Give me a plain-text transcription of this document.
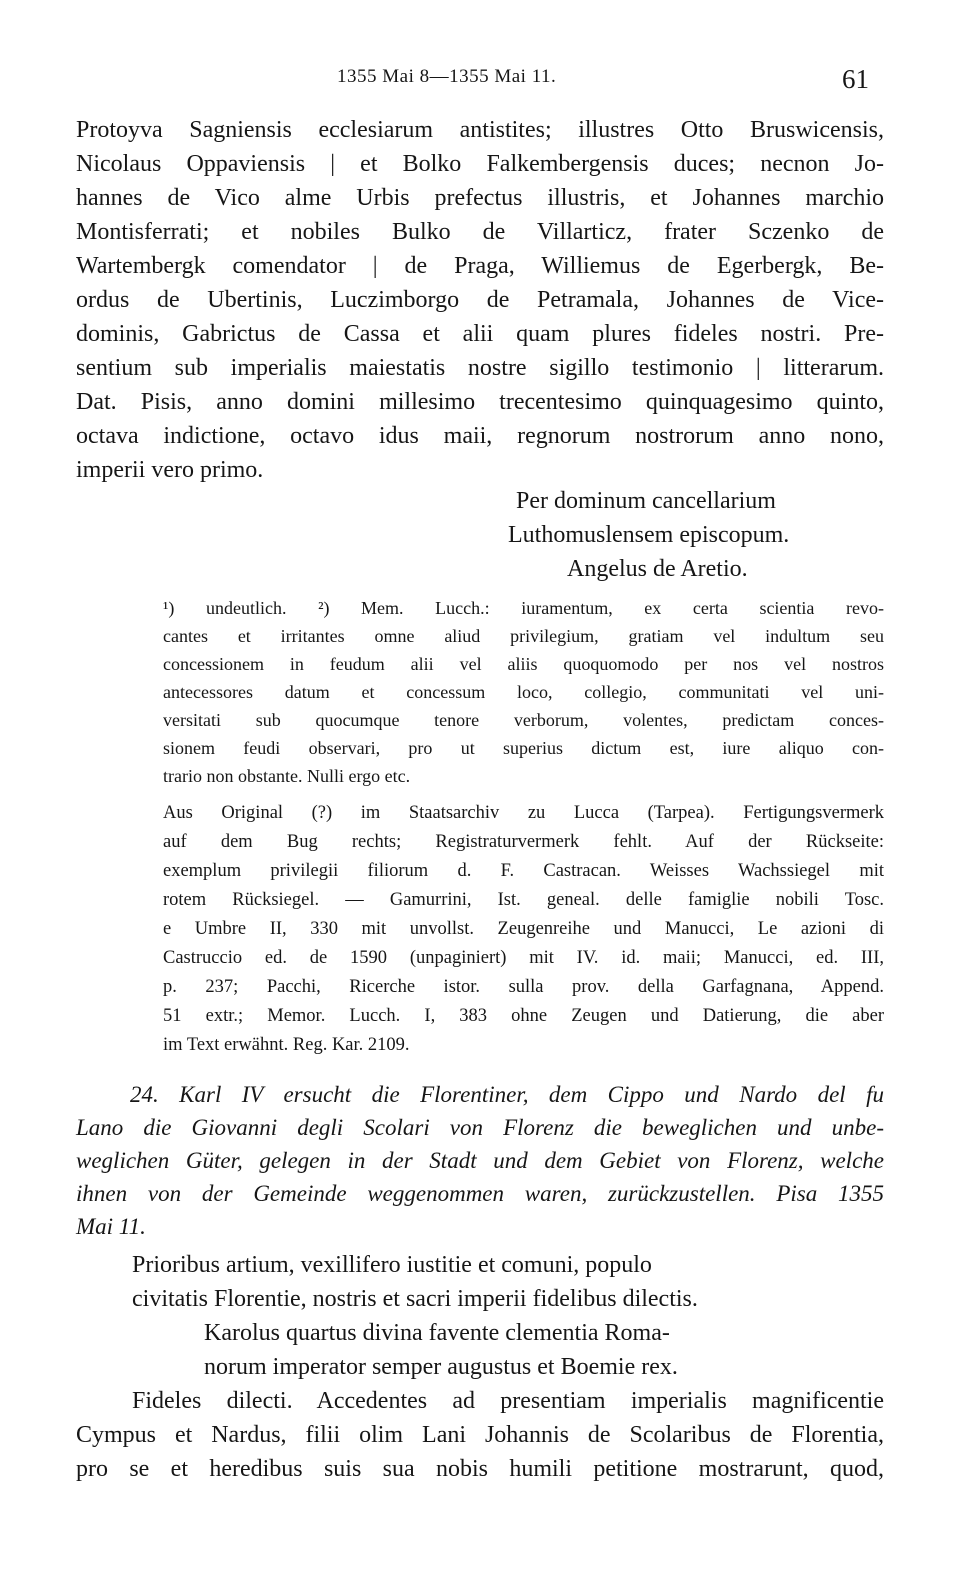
1355 Mai 8—1355 Mai 11.	61
Protoyva Sagniensis ecclesiarum antistites; illustres Otto Bruswicensis,
Nicolaus Oppaviensis | et Bolko Falkembergensis duces; necnon Jo-
hannes de Vico alme Urbis prefectus illustris, et Johannes marchio
Montisferrati; et nobiles Bulko de Villarticz, frater Sczenko de
Wartembergk comendator | de Praga, Williemus de Egerbergk, Be-
ordus de Ubertinis, Luczimborgo de Petramala, Johannes de Vice-
dominis, Gabrictus de Cassa et alii quam plures fideles nostri. Pre-
sentium sub imperialis maiestatis nostre sigillo testimonio | litterarum.
Dat. Pisis, anno domini millesimo trecentesimo quinquagesimo quinto,
octava indictione, octavo idus maii, regnorum nostrorum anno nono,
imperii vero primo.
Per dominum cancellarium
Luthomuslensem episcopum.
Angelus de Aretio.
¹) undeutlich. ²) Mem. Lucch.: iuramentum, ex certa scientia revo-
cantes et irritantes omne aliud privilegium, gratiam vel indultum seu
concessionem in feudum alii vel aliis quoquomodo per nos vel nostros
antecessores datum et concessum loco, collegio, communitati vel uni-
versitati sub quocumque tenore verborum, volentes, predictam conces-
sionem feudi observari, pro ut superius dictum est, iure aliquo con-
trario non obstante. Nulli ergo etc.
Aus Original (?) im Staatsarchiv zu Lucca (Tarpea). Fertigungsvermerk
auf dem Bug rechts; Registraturvermerk fehlt. Auf der Rückseite:
exemplum privilegii filiorum d. F. Castracan. Weisses Wachssiegel mit
rotem Rücksiegel. — Gamurrini, Ist. geneal. delle famiglie nobili Tosc.
e Umbre II, 330 mit unvollst. Zeugenreihe und Manucci, Le azioni di
Castruccio ed. de 1590 (unpaginiert) mit IV. id. maii; Manucci, ed. III,
p. 237; Pacchi, Ricerche istor. sulla prov. della Garfagnana, Append.
51 extr.; Memor. Lucch. I, 383 ohne Zeugen und Datierung, die aber
im Text erwähnt. Reg. Kar. 2109.
24. Karl IV ersucht die Florentiner, dem Cippo und Nardo del fu
Lano die Giovanni degli Scolari von Florenz die beweglichen und unbe-
weglichen Güter, gelegen in der Stadt und dem Gebiet von Florenz, welche
ihnen von der Gemeinde weggenommen waren, zurückzustellen. Pisa 1355
Mai 11.
Prioribus artium, vexillifero iustitie et comuni, populo
civitatis Florentie, nostris et sacri imperii fidelibus dilectis.
Karolus quartus divina favente clementia Roma-
norum imperator semper augustus et Boemie rex.
Fideles dilecti. Accedentes ad presentiam imperialis magnificentie
Cympus et Nardus, filii olim Lani Johannis de Scolaribus de Florentia,
pro se et heredibus suis sua nobis humili petitione mostrarunt, quod,
